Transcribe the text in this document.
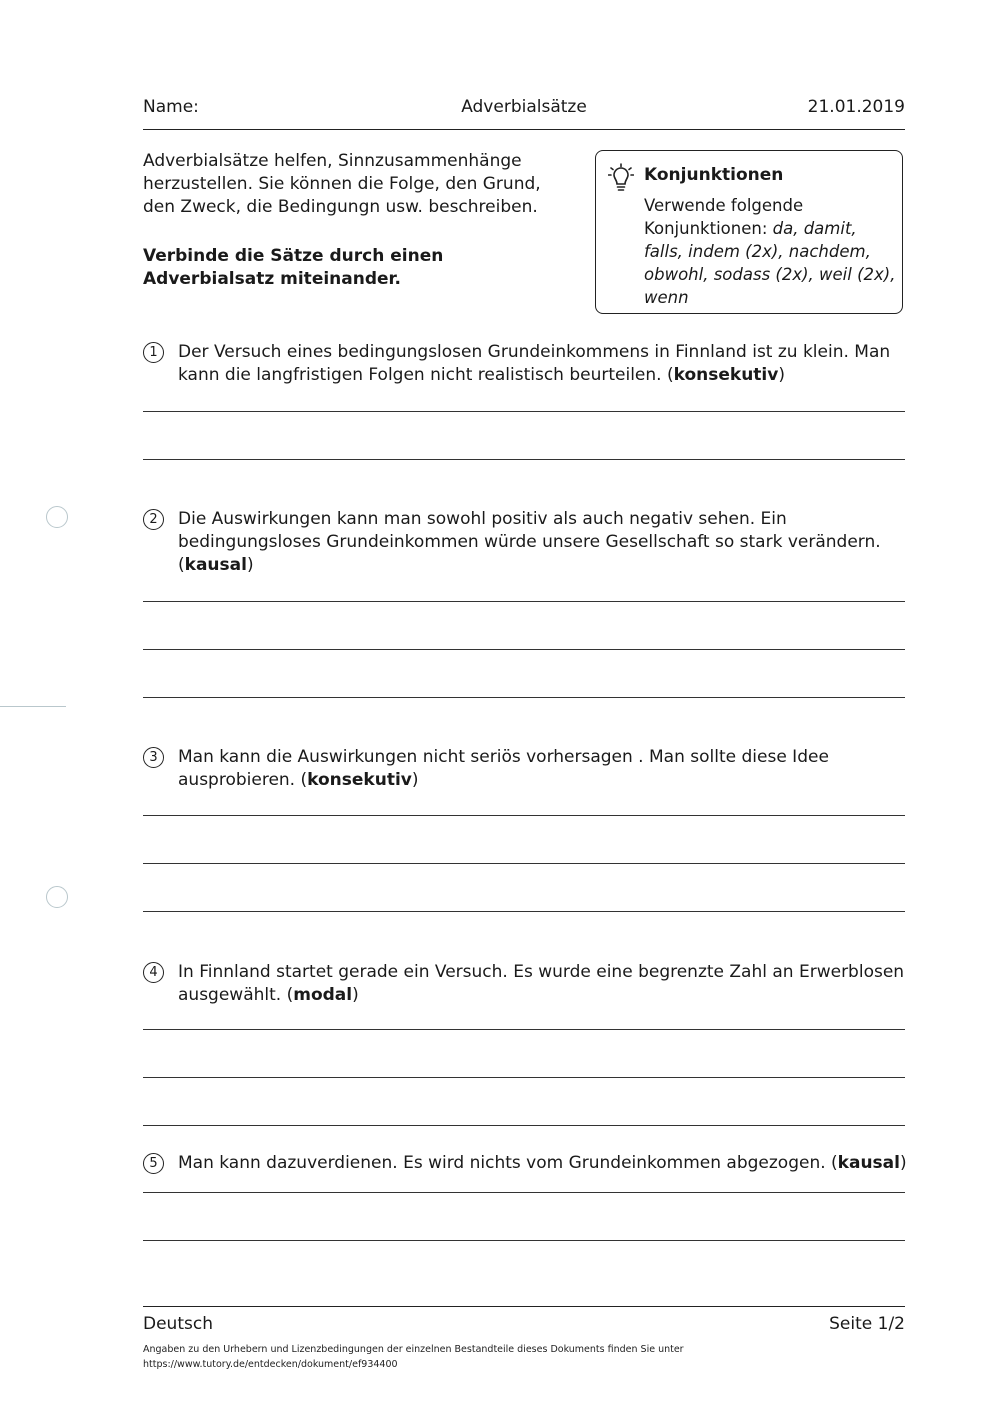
Name:	Adverbialsätze	21.01.2019
Adverbialsätze helfen, Sinnzusammenhänge herzustellen. Sie können die Folge, den Grund, den Zweck, die Bedingungn usw. beschreiben.
Verbinde die Sätze durch einen Adverbialsatz miteinander.
Konjunktionen
Verwende folgende Konjunktionen: da, damit, falls, indem (2x), nachdem, obwohl, sodass (2x), weil (2x), wenn
1	Der Versuch eines bedingungslosen Grundeinkommens in Finnland ist zu klein. Man kann die langfristigen Folgen nicht realistisch beurteilen. (konsekutiv)
2	Die Auswirkungen kann man sowohl positiv als auch negativ sehen. Ein bedingungsloses Grundeinkommen würde unsere Gesellschaft so stark verändern. (kausal)
3	Man kann die Auswirkungen nicht seriös vorhersagen . Man sollte diese Idee ausprobieren. (konsekutiv)
4	In Finnland startet gerade ein Versuch. Es wurde eine begrenzte Zahl an Erwerblosen ausgewählt. (modal)
5	Man kann dazuverdienen. Es wird nichts vom Grundeinkommen abgezogen. (kausal)
Deutsch	Seite 1/2
Angaben zu den Urhebern und Lizenzbedingungen der einzelnen Bestandteile dieses Dokuments finden Sie unter
https://www.tutory.de/entdecken/dokument/ef934400
